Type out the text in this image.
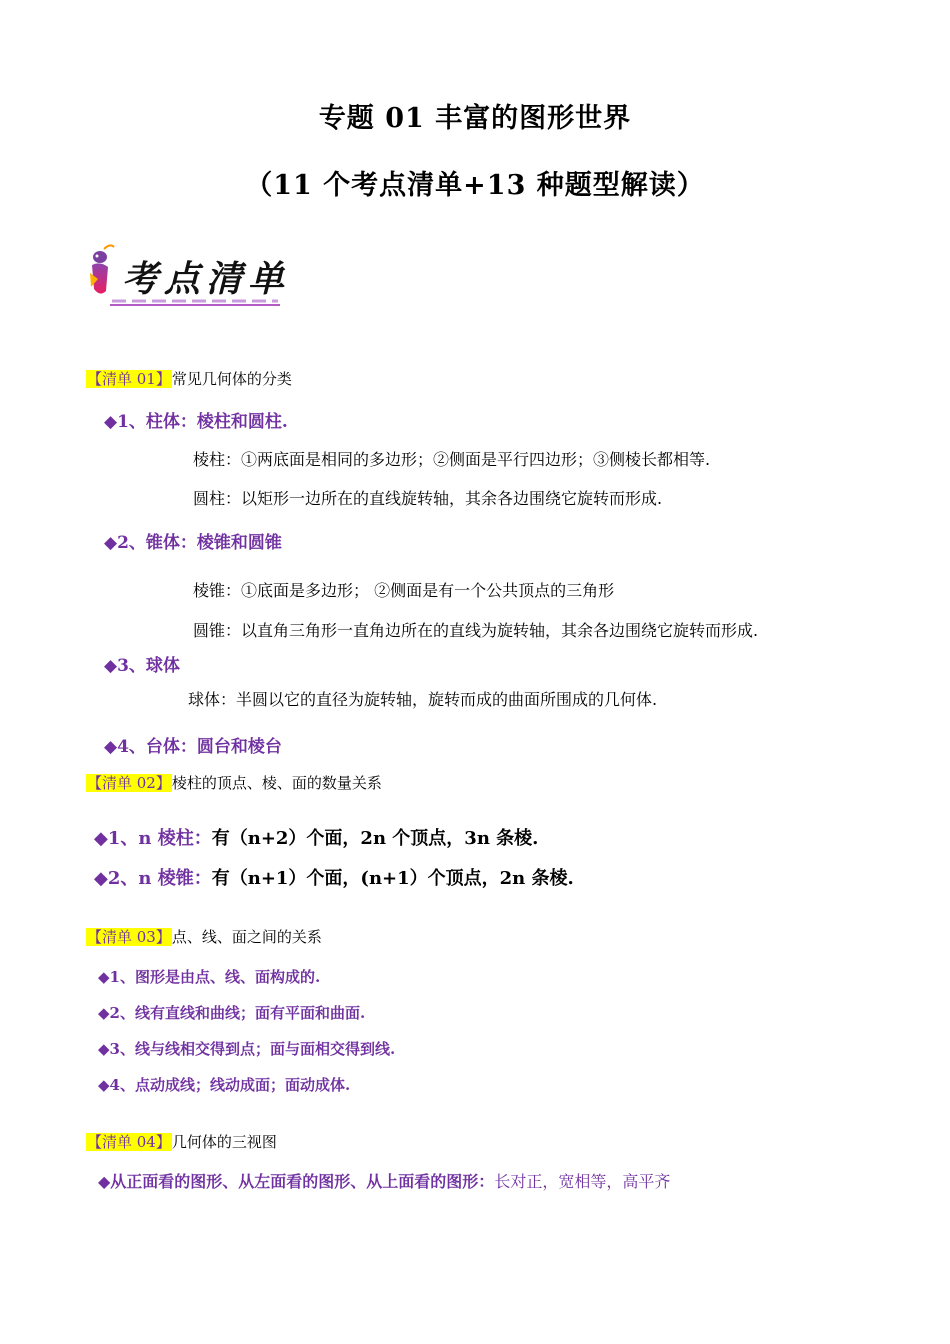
专题 01 丰富的图形世界
（11 个考点清单+13 种题型解读）
考点清单
【清单 01】常见几何体的分类
◆1、柱体：棱柱和圆柱.
棱柱：①两底面是相同的多边形；②侧面是平行四边形；③侧棱长都相等.
圆柱：以矩形一边所在的直线旋转轴，其余各边围绕它旋转而形成.
◆2、锥体：棱锥和圆锥
棱锥：①底面是多边形； ②侧面是有一个公共顶点的三角形
圆锥：以直角三角形一直角边所在的直线为旋转轴，其余各边围绕它旋转而形成.
◆3、球体
球体：半圆以它的直径为旋转轴，旋转而成的曲面所围成的几何体.
◆4、台体：圆台和棱台
【清单 02】棱柱的顶点、棱、面的数量关系
◆1、n 棱柱：有（n+2）个面，2n 个顶点，3n 条棱.
◆2、n 棱锥：有（n+1）个面，(n+1）个顶点，2n 条棱.
【清单 03】点、线、面之间的关系
◆1、图形是由点、线、面构成的.
◆2、线有直线和曲线；面有平面和曲面.
◆3、线与线相交得到点；面与面相交得到线.
◆4、点动成线；线动成面；面动成体.
【清单 04】几何体的三视图
◆从正面看的图形、从左面看的图形、从上面看的图形：长对正，宽相等，高平齐
